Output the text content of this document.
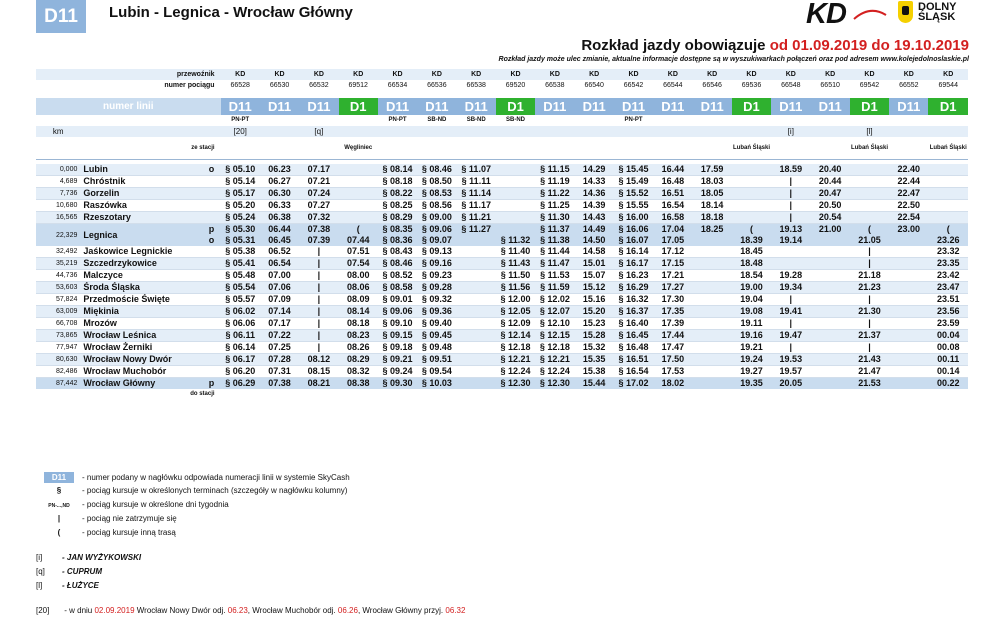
D11	Lubin - Legnica - Wrocław Główny	KD	DOLNY
ŚLĄSK
Rozkład jazdy obowiązuje od 01.09.2019 do 19.10.2019
Rozkład jazdy może ulec zmianie, aktualne informacje dostępne są w wyszukiwarkach połączeń oraz pod adresem www.kolejedolnoslaskie.pl
przewoźnik			KD	KD	KD	KD	KD	KD	KD	KD	KD	KD	KD	KD	KD	KD	KD	KD	KD	KD	KD
numer pociągu			66528	66530	66532	69512	66534	66536	66538	69520	66538	66540	66542	66544	66546	69536	66548	66510	69542	66552	69544

numer linii			D11	D11	D11	D1	D11	D11	D11	D1	D11	D11	D11	D11	D11	D1	D11	D11	D1	D11	D1
			PN-PT				PN-PT	SB-ND	SB-ND	SB-ND			PN-PT								
km			[20]		[q]												[i]		[l]		
	ze stacji					Węgliniec										Lubań Śląski			Lubań Śląski		Lubań Śląski

0,000	Lubin	o	§ 05.10	06.23	07.17		§ 08.14	§ 08.46	§ 11.07		§ 11.15	14.29	§ 15.45	16.44	17.59		18.59	20.40		22.40	
4,689	Chróstnik		§ 05.14	06.27	07.21		§ 08.18	§ 08.50	§ 11.11		§ 11.19	14.33	§ 15.49	16.48	18.03		|	20.44		22.44	
7,736	Gorzelin		§ 05.17	06.30	07.24		§ 08.22	§ 08.53	§ 11.14		§ 11.22	14.36	§ 15.52	16.51	18.05		|	20.47		22.47	
10,680	Raszówka		§ 05.20	06.33	07.27		§ 08.25	§ 08.56	§ 11.17		§ 11.25	14.39	§ 15.55	16.54	18.14		|	20.50		22.50	
16,565	Rzeszotary		§ 05.24	06.38	07.32		§ 08.29	§ 09.00	§ 11.21		§ 11.30	14.43	§ 16.00	16.58	18.18		|	20.54		22.54	
22,329	Legnica	p	§ 05.30	06.44	07.38	(	§ 08.35	§ 09.06	§ 11.27		§ 11.37	14.49	§ 16.06	17.04	18.25	(	19.13	21.00	(	23.00	(
		o	§ 05.31	06.45	07.39	07.44	§ 08.36	§ 09.07		§ 11.32	§ 11.38	14.50	§ 16.07	17.05		18.39	19.14		21.05		23.26
32,492	Jaśkowice Legnickie		§ 05.38	06.52	|	07.51	§ 08.43	§ 09.13		§ 11.40	§ 11.44	14.58	§ 16.14	17.12		18.45			|		23.32
35,219	Szczedrzykowice		§ 05.41	06.54	|	07.54	§ 08.46	§ 09.16		§ 11.43	§ 11.47	15.01	§ 16.17	17.15		18.48			|		23.35
44,736	Malczyce		§ 05.48	07.00	|	08.00	§ 08.52	§ 09.23		§ 11.50	§ 11.53	15.07	§ 16.23	17.21		18.54	19.28		21.18		23.42
53,603	Środa Śląska		§ 05.54	07.06	|	08.06	§ 08.58	§ 09.28		§ 11.56	§ 11.59	15.12	§ 16.29	17.27		19.00	19.34		21.23		23.47
57,824	Przedmoście Święte		§ 05.57	07.09	|	08.09	§ 09.01	§ 09.32		§ 12.00	§ 12.02	15.16	§ 16.32	17.30		19.04	|		|		23.51
63,009	Miękinia		§ 06.02	07.14	|	08.14	§ 09.06	§ 09.36		§ 12.05	§ 12.07	15.20	§ 16.37	17.35		19.08	19.41		21.30		23.56
66,708	Mrozów		§ 06.06	07.17	|	08.18	§ 09.10	§ 09.40		§ 12.09	§ 12.10	15.23	§ 16.40	17.39		19.11	|		|		23.59
73,865	Wrocław Leśnica		§ 06.11	07.22	|	08.23	§ 09.15	§ 09.45		§ 12.14	§ 12.15	15.28	§ 16.45	17.44		19.16	19.47		21.37		00.04
77,947	Wrocław Żerniki		§ 06.14	07.25	|	08.26	§ 09.18	§ 09.48		§ 12.18	§ 12.18	15.32	§ 16.48	17.47		19.21	|		|		00.08
80,630	Wrocław Nowy Dwór		§ 06.17	07.28	08.12	08.29	§ 09.21	§ 09.51		§ 12.21	§ 12.21	15.35	§ 16.51	17.50		19.24	19.53		21.43		00.11
82,486	Wrocław Muchobór		§ 06.20	07.31	08.15	08.32	§ 09.24	§ 09.54		§ 12.24	§ 12.24	15.38	§ 16.54	17.53		19.27	19.57		21.47		00.14
87,442	Wrocław Główny	p	§ 06.29	07.38	08.21	08.38	§ 09.30	§ 10.03		§ 12.30	§ 12.30	15.44	§ 17.02	18.02		19.35	20.05		21.53		00.22
	do stacji																				
D11 - numer podany w nagłówku odpowiada numeracji linii w systemie SkyCash
§	- pociąg kursuje w określonych terminach (szczegóły w nagłówku kolumny)
PN-...,ND - pociąg kursuje w określone dni tygodnia
|	- pociąg nie zatrzymuje się
(	- pociąg kursuje inną trasą
[i] - JAN WYŻYKOWSKI
[q] - CUPRUM
[l] - ŁUŻYCE
[20] - w dniu 02.09.2019 Wrocław Nowy Dwór odj. 06.23, Wrocław Muchobór odj. 06.26, Wrocław Główny przyj. 06.32
